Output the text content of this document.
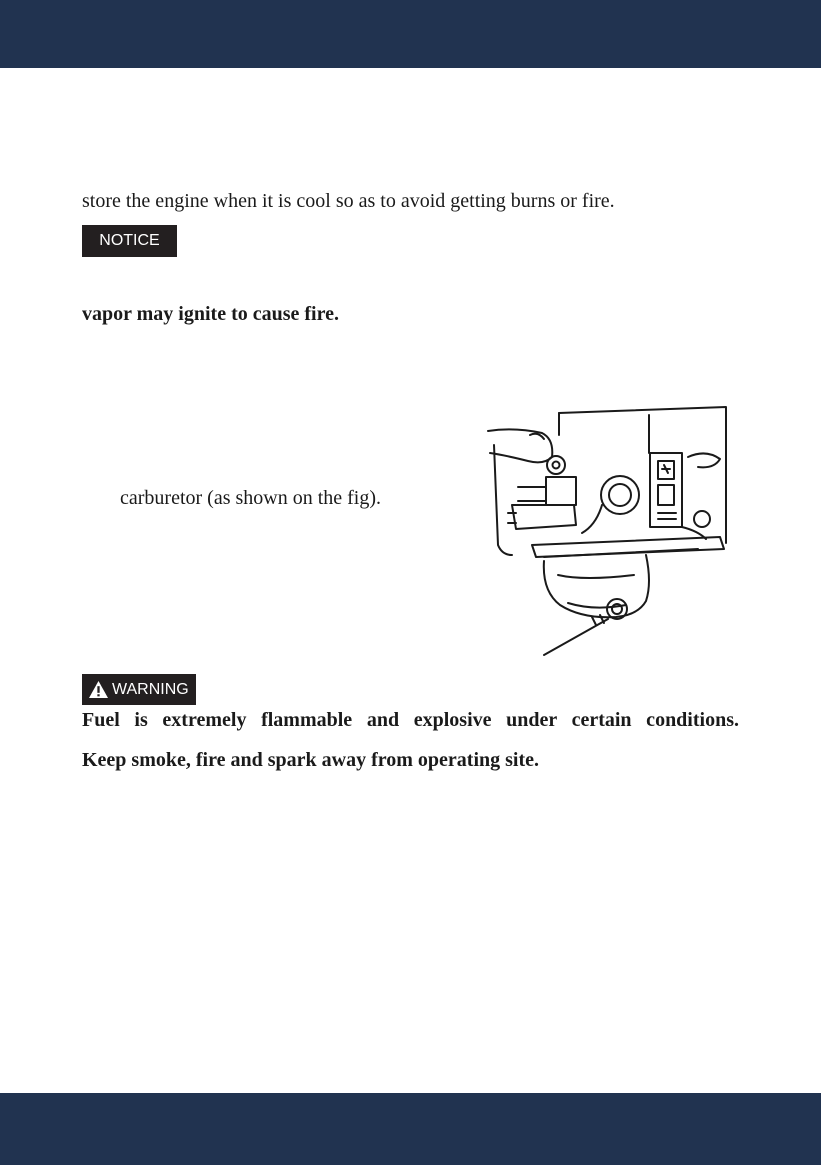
store the engine when it is cool so as to avoid getting burns or fire.
NOTICE
vapor may ignite to cause fire.
carburetor (as shown on the fig).
WARNING
Fuel is extremely flammable and explosive under certain conditions.
Keep smoke, fire and spark away from operating site.
